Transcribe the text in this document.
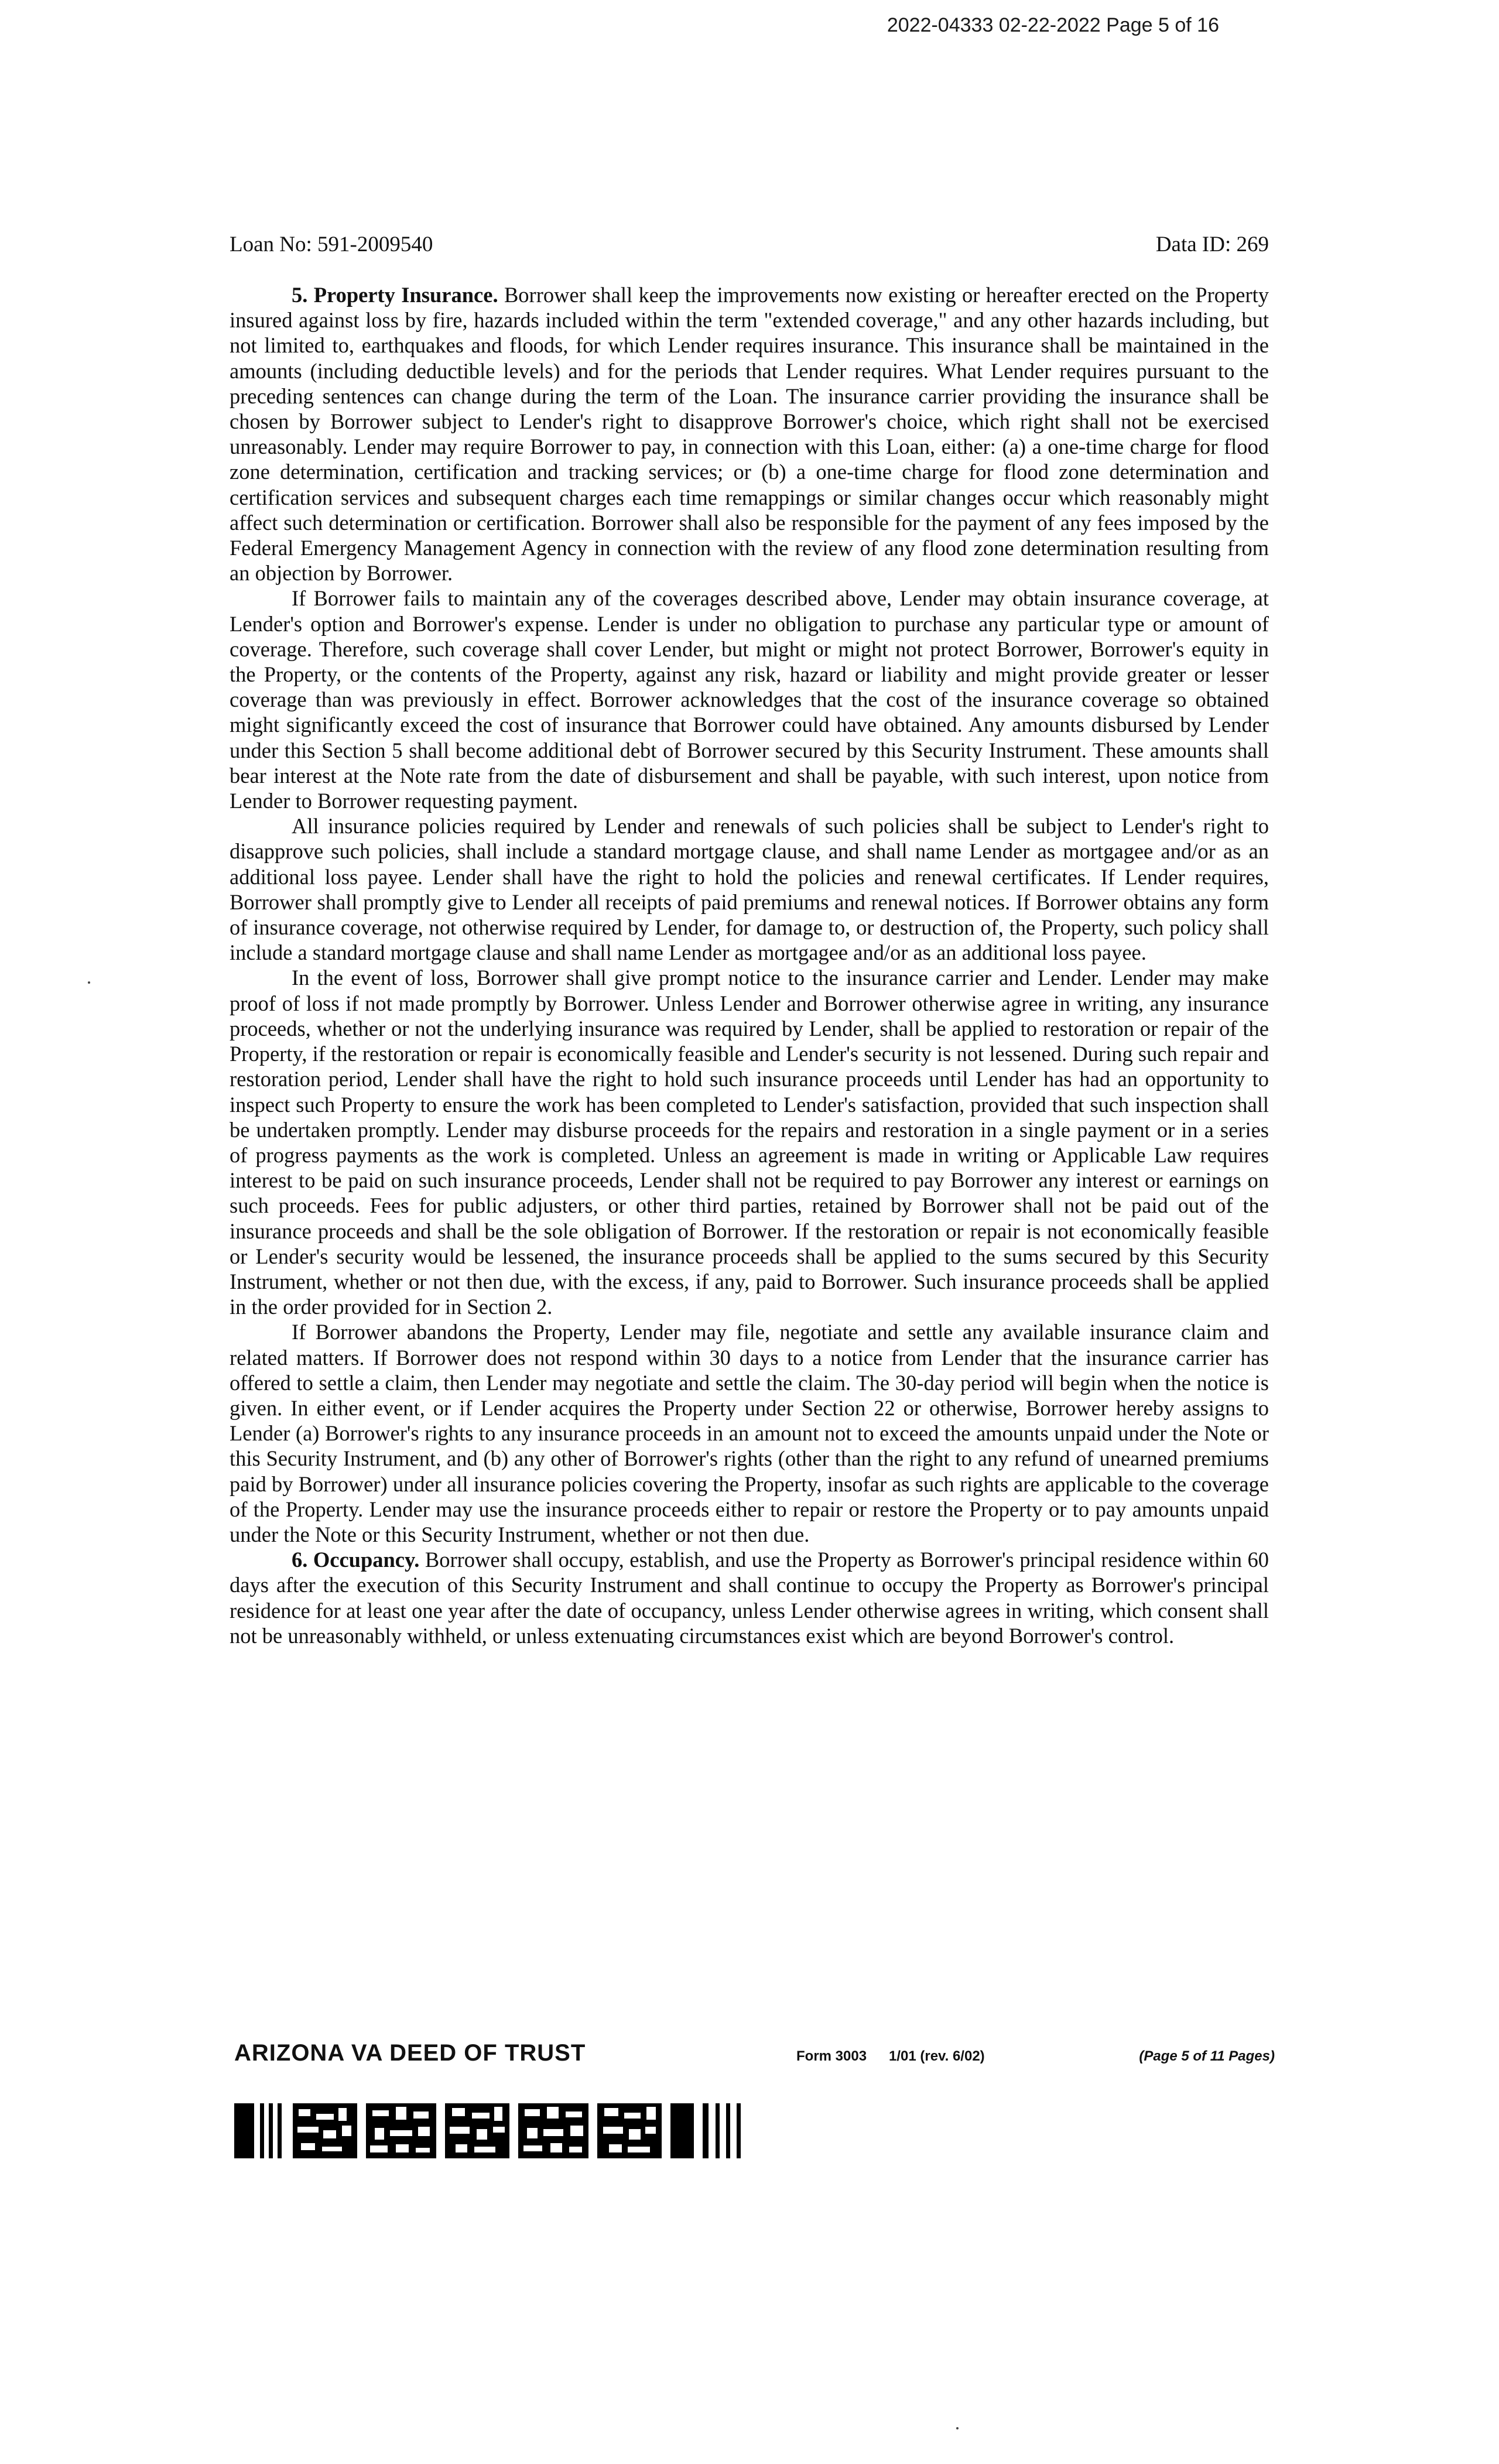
2022-04333 02-22-2022 Page 5 of 16
Loan No: 591-2009540	Data ID: 269

5. Property Insurance. Borrower shall keep the improvements now existing or hereafter erected on the Property insured against loss by fire, hazards included within the term "extended coverage," and any other hazards including, but not limited to, earthquakes and floods, for which Lender requires insurance. This insurance shall be maintained in the amounts (including deductible levels) and for the periods that Lender requires. What Lender requires pursuant to the preceding sentences can change during the term of the Loan. The insurance carrier providing the insurance shall be chosen by Borrower subject to Lender's right to disapprove Borrower's choice, which right shall not be exercised unreasonably. Lender may require Borrower to pay, in connection with this Loan, either: (a) a one-time charge for flood zone determination, certification and tracking services; or (b) a one-time charge for flood zone determination and certification services and subsequent charges each time remappings or similar changes occur which reasonably might affect such determination or certification. Borrower shall also be responsible for the payment of any fees imposed by the Federal Emergency Management Agency in connection with the review of any flood zone determination resulting from an objection by Borrower.

If Borrower fails to maintain any of the coverages described above, Lender may obtain insurance coverage, at Lender's option and Borrower's expense. Lender is under no obligation to purchase any particular type or amount of coverage. Therefore, such coverage shall cover Lender, but might or might not protect Borrower, Borrower's equity in the Property, or the contents of the Property, against any risk, hazard or liability and might provide greater or lesser coverage than was previously in effect. Borrower acknowledges that the cost of the insurance coverage so obtained might significantly exceed the cost of insurance that Borrower could have obtained. Any amounts disbursed by Lender under this Section 5 shall become additional debt of Borrower secured by this Security Instrument. These amounts shall bear interest at the Note rate from the date of disbursement and shall be payable, with such interest, upon notice from Lender to Borrower requesting payment.

All insurance policies required by Lender and renewals of such policies shall be subject to Lender's right to disapprove such policies, shall include a standard mortgage clause, and shall name Lender as mortgagee and/or as an additional loss payee. Lender shall have the right to hold the policies and renewal certificates. If Lender requires, Borrower shall promptly give to Lender all receipts of paid premiums and renewal notices. If Borrower obtains any form of insurance coverage, not otherwise required by Lender, for damage to, or destruction of, the Property, such policy shall include a standard mortgage clause and shall name Lender as mortgagee and/or as an additional loss payee.

In the event of loss, Borrower shall give prompt notice to the insurance carrier and Lender. Lender may make proof of loss if not made promptly by Borrower. Unless Lender and Borrower otherwise agree in writing, any insurance proceeds, whether or not the underlying insurance was required by Lender, shall be applied to restoration or repair of the Property, if the restoration or repair is economically feasible and Lender's security is not lessened. During such repair and restoration period, Lender shall have the right to hold such insurance proceeds until Lender has had an opportunity to inspect such Property to ensure the work has been completed to Lender's satisfaction, provided that such inspection shall be undertaken promptly. Lender may disburse proceeds for the repairs and restoration in a single payment or in a series of progress payments as the work is completed. Unless an agreement is made in writing or Applicable Law requires interest to be paid on such insurance proceeds, Lender shall not be required to pay Borrower any interest or earnings on such proceeds. Fees for public adjusters, or other third parties, retained by Borrower shall not be paid out of the insurance proceeds and shall be the sole obligation of Borrower. If the restoration or repair is not economically feasible or Lender's security would be lessened, the insurance proceeds shall be applied to the sums secured by this Security Instrument, whether or not then due, with the excess, if any, paid to Borrower. Such insurance proceeds shall be applied in the order provided for in Section 2.

If Borrower abandons the Property, Lender may file, negotiate and settle any available insurance claim and related matters. If Borrower does not respond within 30 days to a notice from Lender that the insurance carrier has offered to settle a claim, then Lender may negotiate and settle the claim. The 30-day period will begin when the notice is given. In either event, or if Lender acquires the Property under Section 22 or otherwise, Borrower hereby assigns to Lender (a) Borrower's rights to any insurance proceeds in an amount not to exceed the amounts unpaid under the Note or this Security Instrument, and (b) any other of Borrower's rights (other than the right to any refund of unearned premiums paid by Borrower) under all insurance policies covering the Property, insofar as such rights are applicable to the coverage of the Property. Lender may use the insurance proceeds either to repair or restore the Property or to pay amounts unpaid under the Note or this Security Instrument, whether or not then due.

6. Occupancy. Borrower shall occupy, establish, and use the Property as Borrower's principal residence within 60 days after the execution of this Security Instrument and shall continue to occupy the Property as Borrower's principal residence for at least one year after the date of occupancy, unless Lender otherwise agrees in writing, which consent shall not be unreasonably withheld, or unless extenuating circumstances exist which are beyond Borrower's control.

ARIZONA VA DEED OF TRUST	Form 3003	1/01 (rev. 6/02)	(Page 5 of 11 Pages)
